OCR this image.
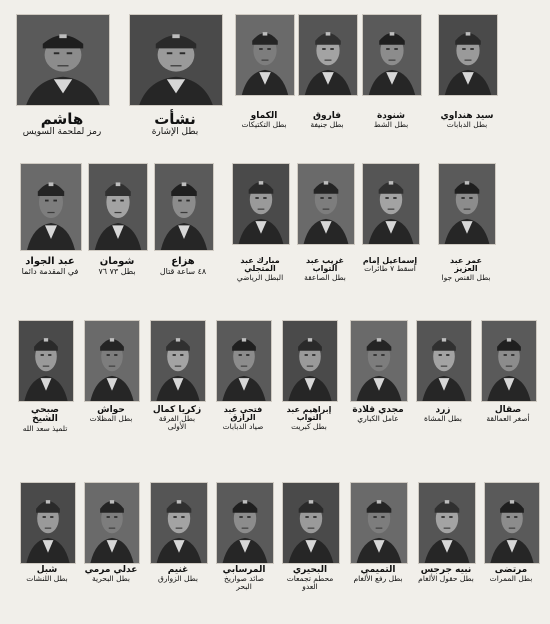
هاشم
رمز لملحمة السويس
نشأت
بطل الإشارة
الكماو
بطل التكتيكات
فاروق
بطل جنيفة
شنودة
بطل الشط
سيد هنداوي
بطل الدبابات
عبد الجواد
في المقدمة دائما
شومان
بطل ٧٣ ٧٦
هزاع
٤٨ ساعة قتال
مبارك عبد المتجلي
البطل الرياضي
غريب عبد التواب
بطل الصاعقة
إسماعيل إمام
أسقط ٧ طائرات
عمر عبد العزيز
بطل القنص جوا
صبحي الشيخ
تلميذ سعد الله
حواش
بطل المظلات
زكريا كمال
بطل الفرقة الأولى
فتحي عبد الرازق
صياد الدبابات
إبراهيم عبد التواب
بطل كبريت
مجدي قلادة
عامل الكباري
زرد
بطل المشاة
صقال
أصغر العمالقة
شبل
بطل اللنشات
عدلي مرمي
بطل البحرية
غنيم
بطل الزوارق
المرسابي
صائد صواريخ البحر
البحيري
محطم تجمعات العدو
التميمي
بطل رفع الألغام
نبيه جرجس
بطل حقول الألغام
مرتضى
بطل الممرات
